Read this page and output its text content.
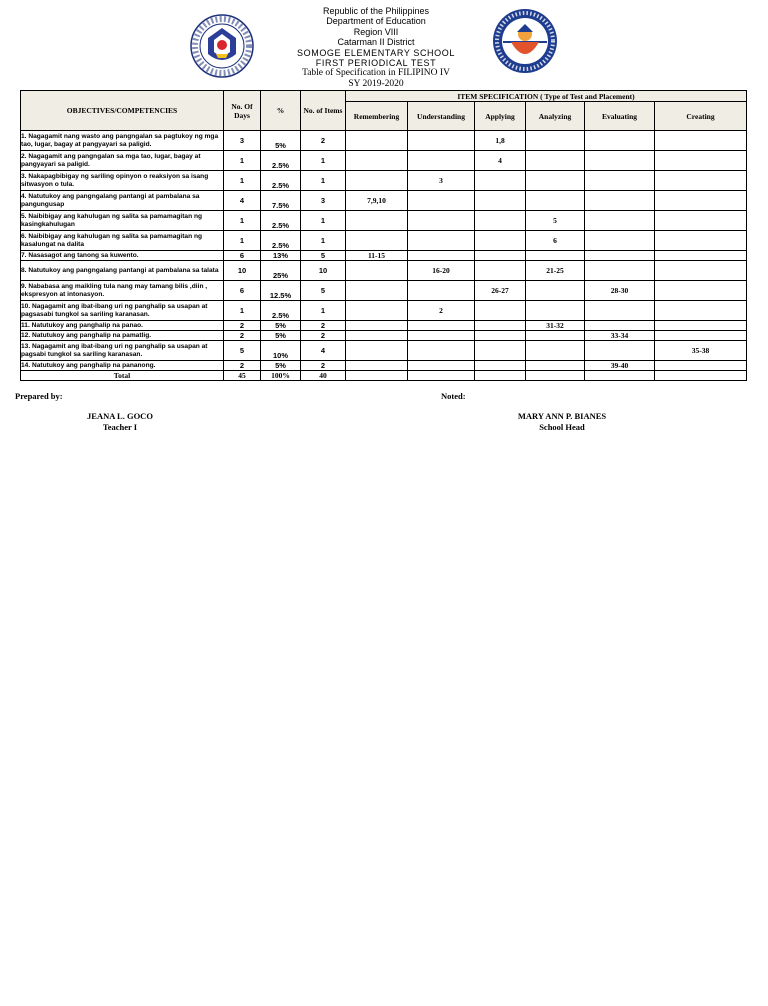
Republic of the Philippines
Department of Education
Region VIII
Catarman II District
SOMOGE ELEMENTARY SCHOOL
FIRST PERIODICAL TEST
Table of Specification in FILIPINO IV
SY 2019-2020
OBJECTIVES/COMPETENCIES	No. Of Days	%	No. of Items	ITEM SPECIFICATION ( Type of Test and Placement)					
				Remembering	Understanding	Applying	Analyzing	Evaluating	Creating
1. Nagagamit nang wasto ang pangngalan sa pagtukoy ng mga tao, lugar, bagay at pangyayari sa paligid.	3	5%	2			1,8			
2. Nagagamit ang pangngalan sa mga tao, lugar, bagay at pangyayari sa paligid.	1	2.5%	1			4			
3. Nakapagbibigay ng sariling opinyon o reaksiyon sa isang sitwasyon o tula.	1	2.5%	1		3				
4. Natutukoy ang pangngalang pantangi at pambalana sa pangungusap	4	7.5%	3	7,9,10					
5. Naibibigay ang kahulugan ng salita sa pamamagitan ng kasingkahulugan	1	2.5%	1				5		
6. Naibibigay ang kahulugan ng salita sa pamamagitan ng kasalungat na dalita	1	2.5%	1				6		
7. Nasasagot ang tanong sa kuwento.	6	13%	5	11-15					
8. Natutukoy ang pangngalang pantangi at pambalana sa talata	10	25%	10		16-20		21-25		
9. Nababasa ang maikling tula nang may tamang bilis ,diin , ekspresyon at intonasyon.	6	12.5%	5			26-27		28-30	
10. Nagagamit ang ibat-ibang uri ng panghalip sa usapan at pagsasabi tungkol sa sariling karanasan.	1	2.5%	1		2				
11. Natutukoy ang panghalip na panao.	2	5%	2				31-32		
12. Natutukoy ang panghalip na pamatlig.	2	5%	2					33-34	
13. Nagagamit ang ibat-ibang uri ng panghalip sa usapan at pagsabi tungkol sa sariling karanasan.	5	10%	4						35-38
14. Natutukoy ang panghalip na pananong.	2	5%	2					39-40	
Total	45	100%	40						
Prepared by:	Noted:
JEANA L. GOCO
Teacher I
MARY ANN P. BIANES
School Head
